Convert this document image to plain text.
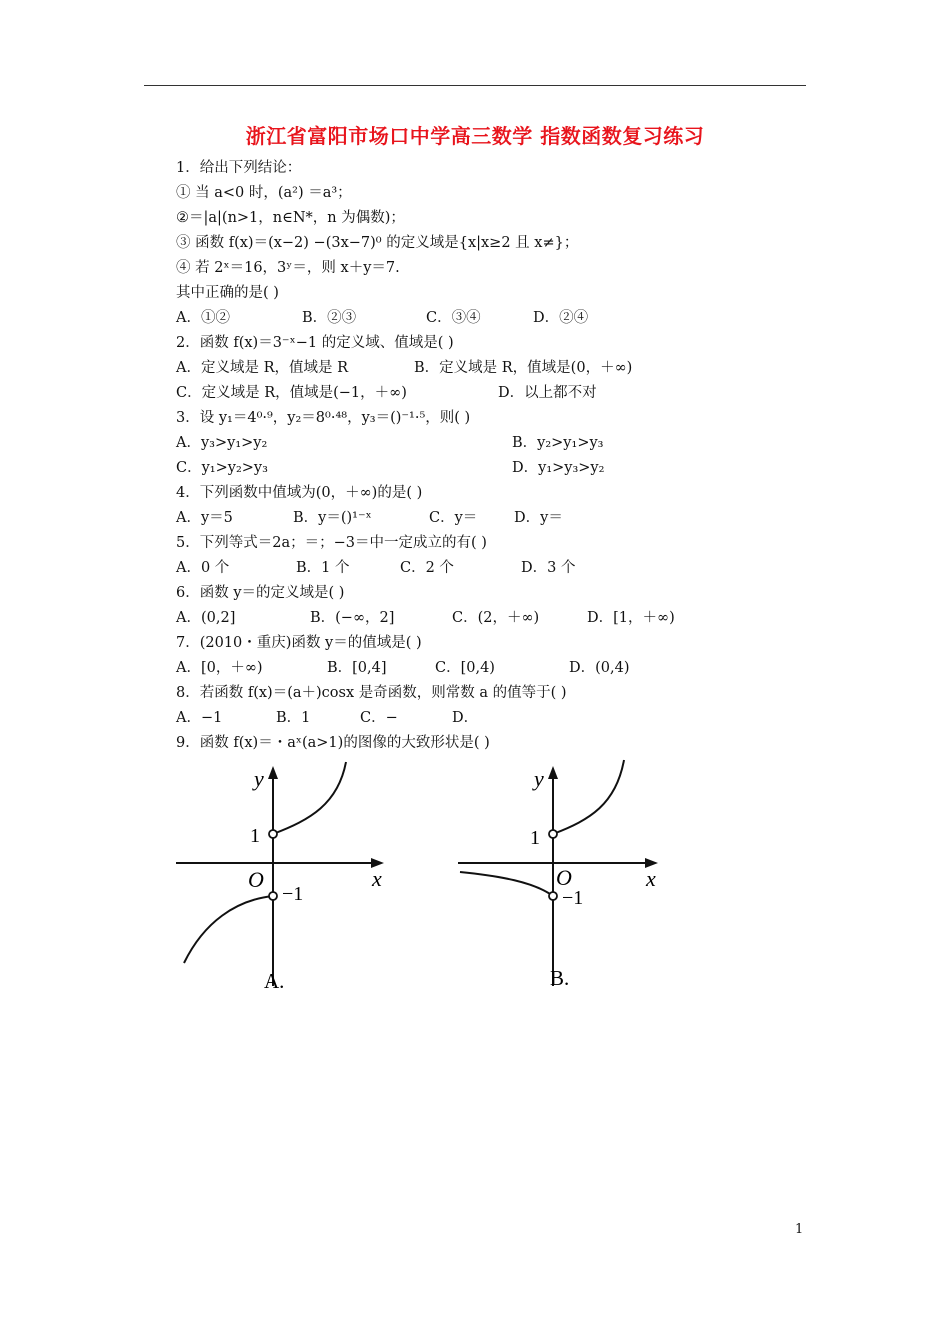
浙江省富阳市场口中学高三数学 指数函数复习练习
1．给出下列结论：
① 当 a<0 时，(a²) ＝a³；
②＝|a|(n>1，n∈N*，n 为偶数)；
③ 函数 f(x)＝(x−2) −(3x−7)⁰ 的定义域是{x|x≥2 且 x≠}；
④ 若 2ˣ＝16，3ʸ＝，则 x＋y＝7.
其中正确的是( )
A．①②	B．②③	C．③④	D．②④
2．函数 f(x)＝3⁻ˣ−1 的定义域、值域是( )
A．定义域是 R，值域是 R	B．定义域是 R，值域是(0，＋∞)
C．定义域是 R，值域是(−1，＋∞)	D．以上都不对
3．设 y₁＝4⁰·⁹，y₂＝8⁰·⁴⁸，y₃＝()⁻¹·⁵，则( )
A．y₃>y₁>y₂	B．y₂>y₁>y₃
C．y₁>y₂>y₃	D．y₁>y₃>y₂
4．下列函数中值域为(0，＋∞)的是( )
A．y＝5	B．y＝()¹⁻ˣ	C．y＝	D．y＝
5．下列等式＝2a；＝；−3＝中一定成立的有( )
A．0 个	B．1 个	C．2 个	D．3 个
6．函数 y＝的定义域是( )
A．(0,2]	B．(−∞，2]	C．(2，＋∞)	D．[1，＋∞)
7．(2010・重庆)函数 y＝的值域是( )
A．[0，＋∞)	B．[0,4]	C．[0,4)	D．(0,4)
8．若函数 f(x)＝(a＋)cosx 是奇函数，则常数 a 的值等于( )
A．−1	B．1	C．−	D．
9．函数 f(x)＝・aˣ(a>1)的图像的大致形状是( )
y
x
O
1
−1
A.
y
x
O
1
−1
B.
1
